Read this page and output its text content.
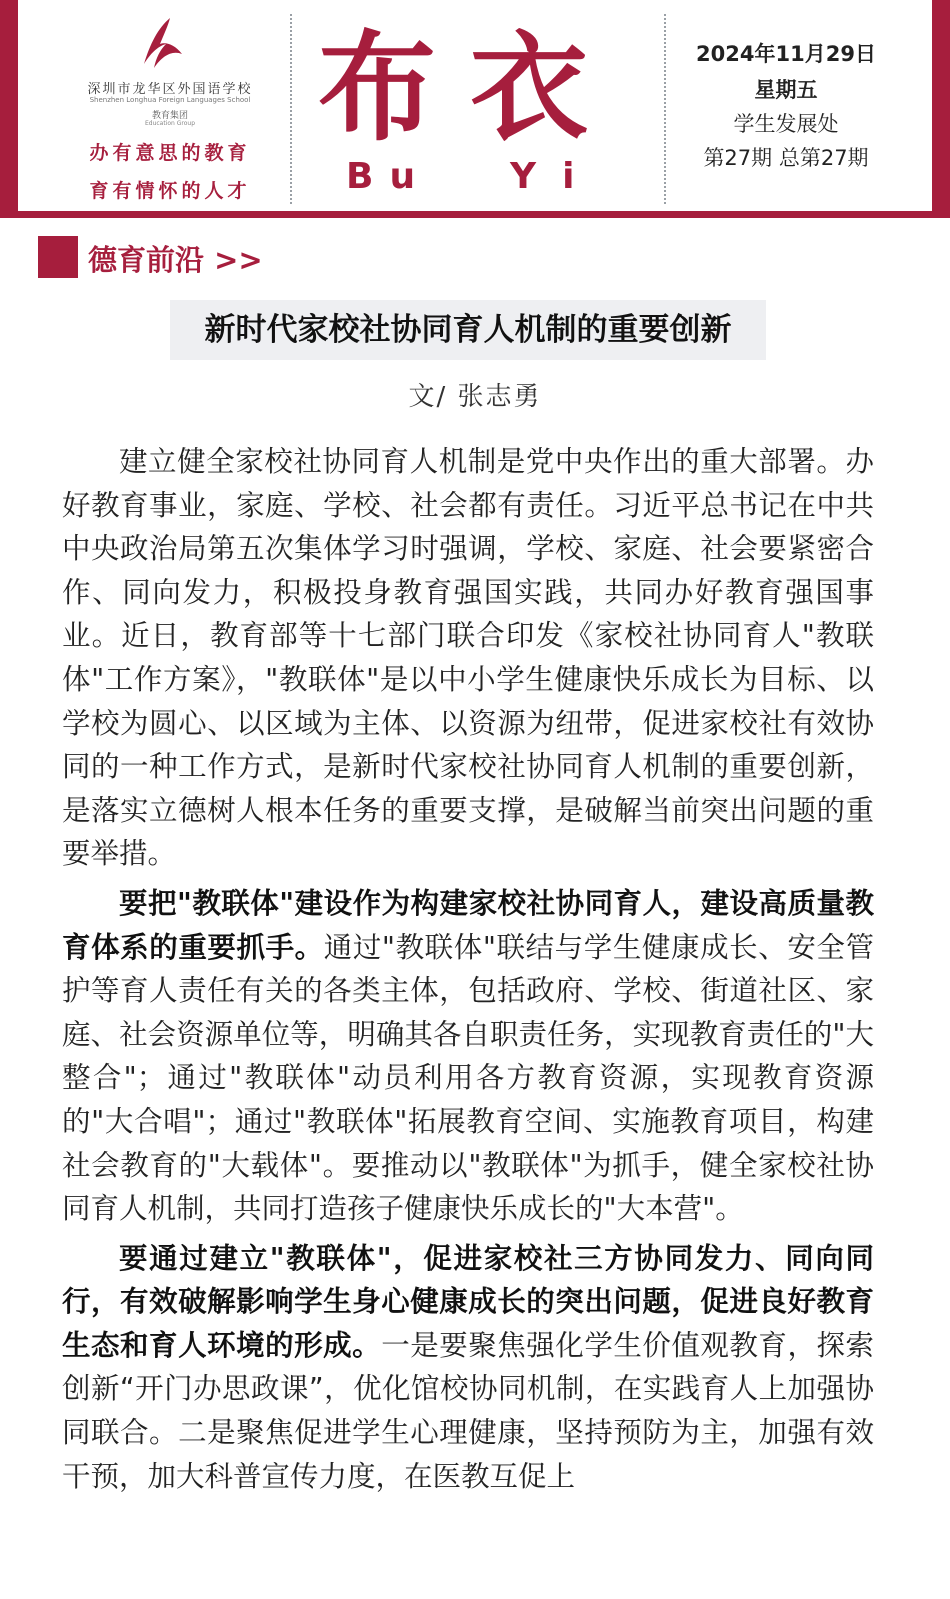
深圳市龙华区外国语学校
Shenzhen Longhua Foreign Languages School
教育集团
Education Group
办有意思的教育
育有情怀的人才
布衣
Bu Yi
2024年11月29日
星期五
学生发展处
第27期 总第27期
德育前沿 >>
新时代家校社协同育人机制的重要创新
文/ 张志勇

建立健全家校社协同育人机制是党中央作出的重大部署。办好教育事业，家庭、学校、社会都有责任。习近平总书记在中共中央政治局第五次集体学习时强调，学校、家庭、社会要紧密合作、同向发力，积极投身教育强国实践，共同办好教育强国事业。近日，教育部等十七部门联合印发《家校社协同育人"教联体"工作方案》，"教联体"是以中小学生健康快乐成长为目标、以学校为圆心、以区域为主体、以资源为纽带，促进家校社有效协同的一种工作方式，是新时代家校社协同育人机制的重要创新，是落实立德树人根本任务的重要支撑，是破解当前突出问题的重要举措。

要把"教联体"建设作为构建家校社协同育人，建设高质量教育体系的重要抓手。通过"教联体"联结与学生健康成长、安全管护等育人责任有关的各类主体，包括政府、学校、街道社区、家庭、社会资源单位等，明确其各自职责任务，实现教育责任的"大整合"；通过"教联体"动员利用各方教育资源，实现教育资源的"大合唱"；通过"教联体"拓展教育空间、实施教育项目，构建社会教育的"大载体"。要推动以"教联体"为抓手，健全家校社协同育人机制，共同打造孩子健康快乐成长的"大本营"。

要通过建立"教联体"，促进家校社三方协同发力、同向同行，有效破解影响学生身心健康成长的突出问题，促进良好教育生态和育人环境的形成。一是要聚焦强化学生价值观教育，探索创新“开门办思政课”，优化馆校协同机制，在实践育人上加强协同联合。二是聚焦促进学生心理健康，坚持预防为主，加强有效干预，加大科普宣传力度，在医教互促上
